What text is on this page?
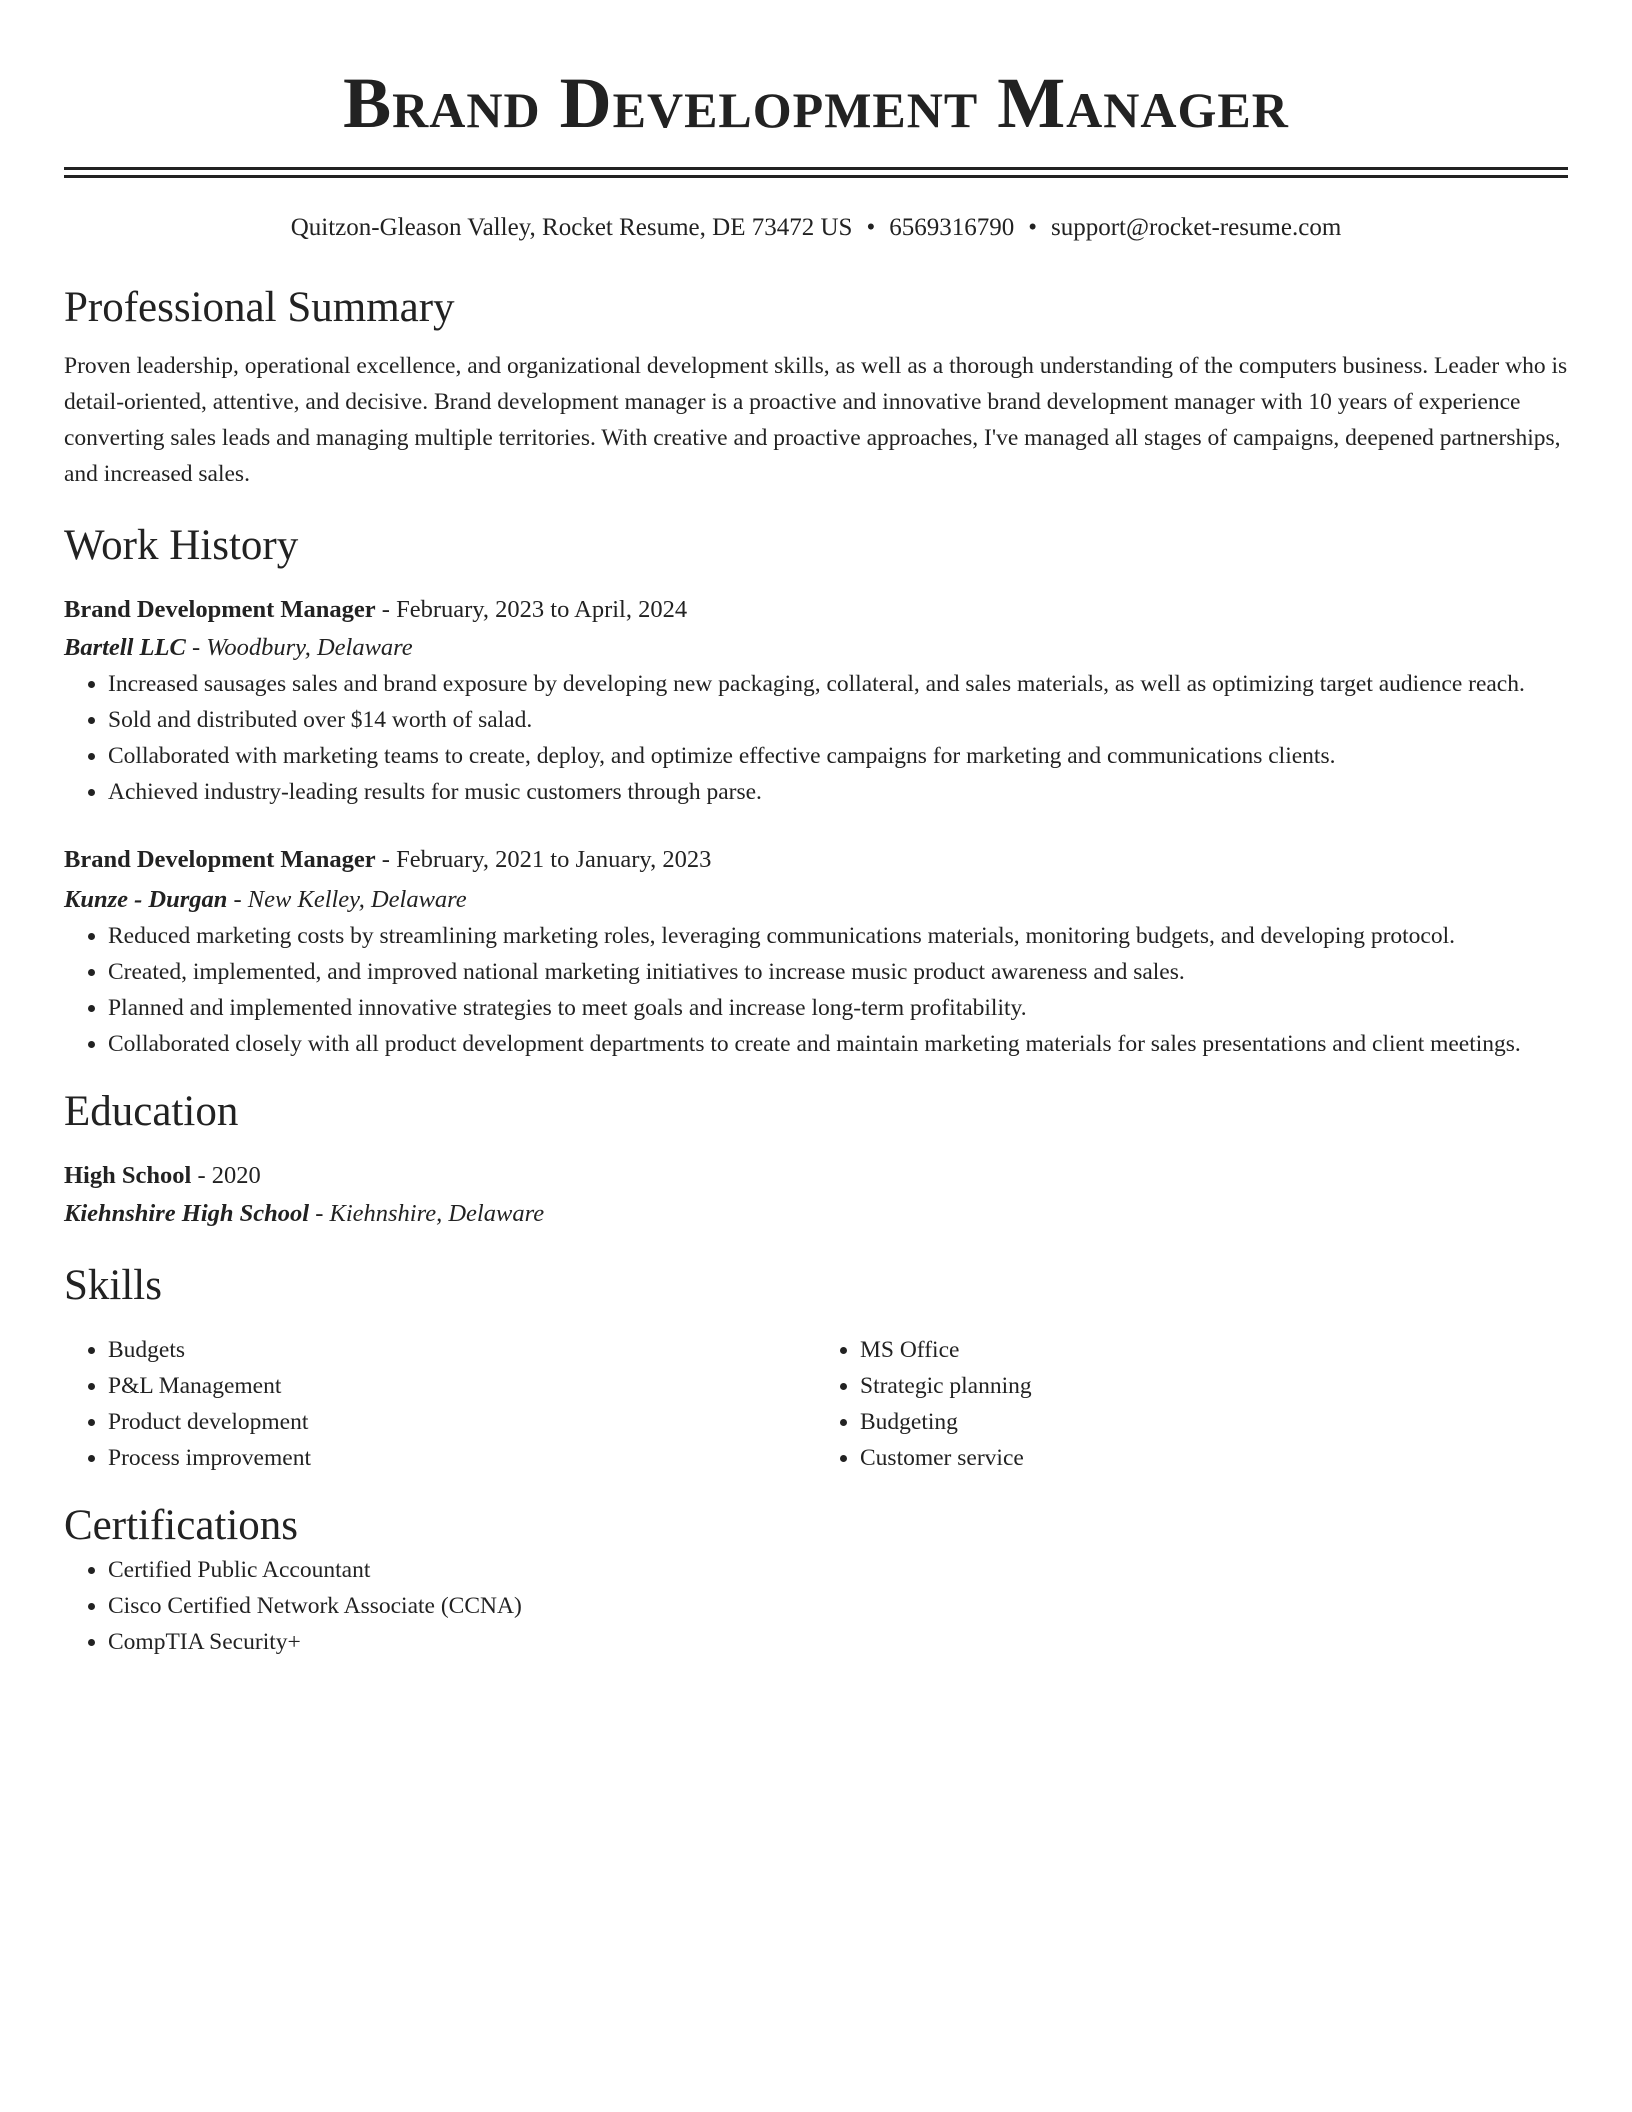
Brand Development Manager
Quitzon-Gleason Valley, Rocket Resume, DE 73472 US • 6569316790 • support@rocket-resume.com
Professional Summary
Proven leadership, operational excellence, and organizational development skills, as well as a thorough understanding of the computers business. Leader who is detail-oriented, attentive, and decisive. Brand development manager is a proactive and innovative brand development manager with 10 years of experience converting sales leads and managing multiple territories. With creative and proactive approaches, I've managed all stages of campaigns, deepened partnerships, and increased sales.
Work History
Brand Development Manager - February, 2023 to April, 2024
Bartell LLC - Woodbury, Delaware
• Increased sausages sales and brand exposure by developing new packaging, collateral, and sales materials, as well as optimizing target audience reach.
• Sold and distributed over $14 worth of salad.
• Collaborated with marketing teams to create, deploy, and optimize effective campaigns for marketing and communications clients.
• Achieved industry-leading results for music customers through parse.
Brand Development Manager - February, 2021 to January, 2023
Kunze - Durgan - New Kelley, Delaware
• Reduced marketing costs by streamlining marketing roles, leveraging communications materials, monitoring budgets, and developing protocol.
• Created, implemented, and improved national marketing initiatives to increase music product awareness and sales.
• Planned and implemented innovative strategies to meet goals and increase long-term profitability.
• Collaborated closely with all product development departments to create and maintain marketing materials for sales presentations and client meetings.
Education
High School - 2020
Kiehnshire High School - Kiehnshire, Delaware
Skills
• Budgets
• P&L Management
• Product development
• Process improvement
• MS Office
• Strategic planning
• Budgeting
• Customer service
Certifications
• Certified Public Accountant
• Cisco Certified Network Associate (CCNA)
• CompTIA Security+
